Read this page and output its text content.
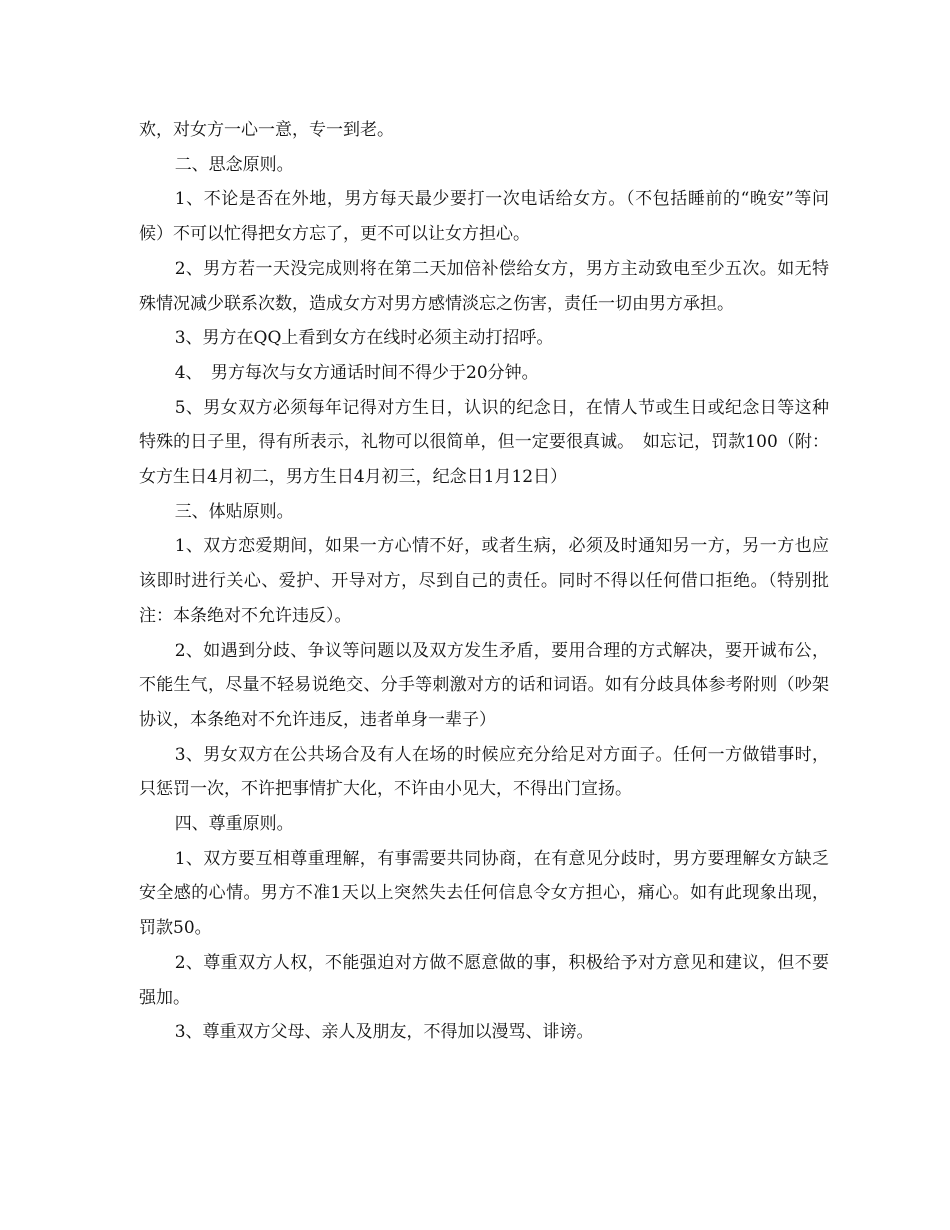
欢，对女方一心一意，专一到老。

二、思念原则。

1、不论是否在外地，男方每天最少要打一次电话给女方。（不包括睡前的“晚安”等问候）不可以忙得把女方忘了，更不可以让女方担心。

2、男方若一天没完成则将在第二天加倍补偿给女方，男方主动致电至少五次。如无特殊情况减少联系次数，造成女方对男方感情淡忘之伤害，责任一切由男方承担。

3、男方在QQ上看到女方在线时必须主动打招呼。

4、　男方每次与女方通话时间不得少于20分钟。

5、男女双方必须每年记得对方生日，认识的纪念日，在情人节或生日或纪念日等这种特殊的日子里，得有所表示，礼物可以很简单，但一定要很真诚。　如忘记，罚款100（附：女方生日4月初二，男方生日4月初三，纪念日1月12日）

三、体贴原则。

1、双方恋爱期间，如果一方心情不好，或者生病，必须及时通知另一方，另一方也应该即时进行关心、爱护、开导对方，尽到自己的责任。同时不得以任何借口拒绝。（特别批注：本条绝对不允许违反）。

2、如遇到分歧、争议等问题以及双方发生矛盾，要用合理的方式解决，要开诚布公，不能生气，尽量不轻易说绝交、分手等刺激对方的话和词语。如有分歧具体参考附则（吵架协议，本条绝对不允许违反，违者单身一辈子）

3、男女双方在公共场合及有人在场的时候应充分给足对方面子。任何一方做错事时，只惩罚一次，不许把事情扩大化，不许由小见大，不得出门宣扬。

四、尊重原则。

1、双方要互相尊重理解，有事需要共同协商，在有意见分歧时，男方要理解女方缺乏安全感的心情。男方不准1天以上突然失去任何信息令女方担心，痛心。如有此现象出现，罚款50。

2、尊重双方人权，不能强迫对方做不愿意做的事，积极给予对方意见和建议，但不要强加。

3、尊重双方父母、亲人及朋友，不得加以漫骂、诽谤。
